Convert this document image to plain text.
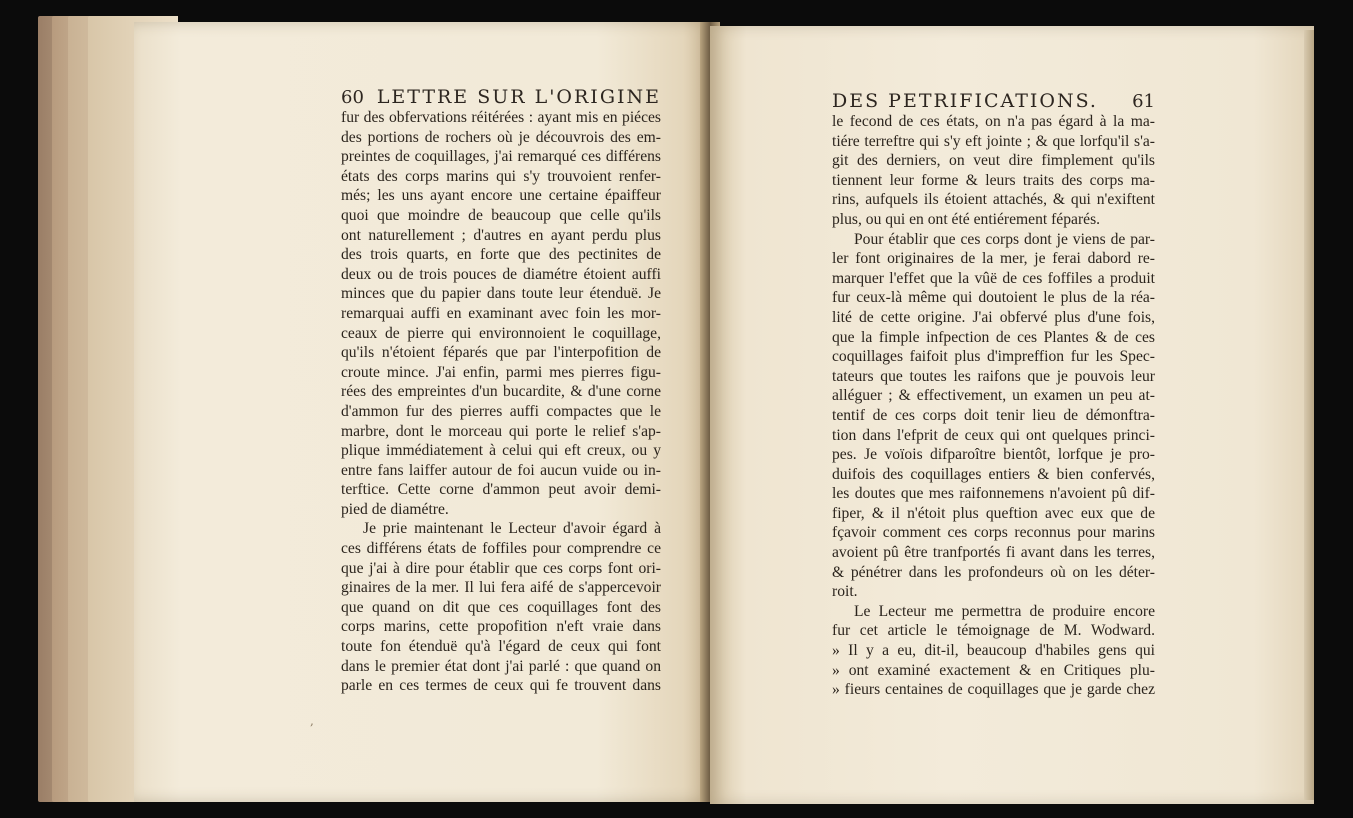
60 LETTRE SUR L'ORIGINE
fur des obfervations réitérées : ayant mis en piéces
des portions de rochers où je découvrois des em-
preintes de coquillages, j'ai remarqué ces différens
états des corps marins qui s'y trouvoient renfer-
més; les uns ayant encore une certaine épaiffeur
quoi que moindre de beaucoup que celle qu'ils
ont naturellement ; d'autres en ayant perdu plus
des trois quarts, en forte que des pectinites de
deux ou de trois pouces de diamétre étoient auffi
minces que du papier dans toute leur étenduë. Je
remarquai auffi en examinant avec foin les mor-
ceaux de pierre qui environnoient le coquillage,
qu'ils n'étoient féparés que par l'interpofition de
croute mince. J'ai enfin, parmi mes pierres figu-
rées des empreintes d'un bucardite, & d'une corne
d'ammon fur des pierres auffi compactes que le
marbre, dont le morceau qui porte le relief s'ap-
plique immédiatement à celui qui eft creux, ou y
entre fans laiffer autour de foi aucun vuide ou in-
terftice. Cette corne d'ammon peut avoir demi-
pied de diamétre.
Je prie maintenant le Lecteur d'avoir égard à
ces différens états de foffiles pour comprendre ce
que j'ai à dire pour établir que ces corps font ori-
ginaires de la mer. Il lui fera aifé de s'appercevoir
que quand on dit que ces coquillages font des
corps marins, cette propofition n'eft vraie dans
toute fon étenduë qu'à l'égard de ceux qui font
dans le premier état dont j'ai parlé : que quand on
parle en ces termes de ceux qui fe trouvent dans
,
DES PETRIFICATIONS. 61
le fecond de ces états, on n'a pas égard à la ma-
tiére terreftre qui s'y eft jointe ; & que lorfqu'il s'a-
git des derniers, on veut dire fimplement qu'ils
tiennent leur forme & leurs traits des corps ma-
rins, aufquels ils étoient attachés, & qui n'exiftent
plus, ou qui en ont été entiérement féparés.
Pour établir que ces corps dont je viens de par-
ler font originaires de la mer, je ferai dabord re-
marquer l'effet que la vûë de ces foffiles a produit
fur ceux-là même qui doutoient le plus de la réa-
lité de cette origine. J'ai obfervé plus d'une fois,
que la fimple infpection de ces Plantes & de ces
coquillages faifoit plus d'impreffion fur les Spec-
tateurs que toutes les raifons que je pouvois leur
alléguer ; & effectivement, un examen un peu at-
tentif de ces corps doit tenir lieu de démonftra-
tion dans l'efprit de ceux qui ont quelques princi-
pes. Je voïois difparoître bientôt, lorfque je pro-
duifois des coquillages entiers & bien confervés,
les doutes que mes raifonnemens n'avoient pû dif-
fiper, & il n'étoit plus queftion avec eux que de
fçavoir comment ces corps reconnus pour marins
avoient pû être tranfportés fi avant dans les terres,
& pénétrer dans les profondeurs où on les déter-
roit.
Le Lecteur me permettra de produire encore
fur cet article le témoignage de M. Wodward.
» Il y a eu, dit-il, beaucoup d'habiles gens qui
» ont examiné exactement & en Critiques plu-
» fieurs centaines de coquillages que je garde chez
